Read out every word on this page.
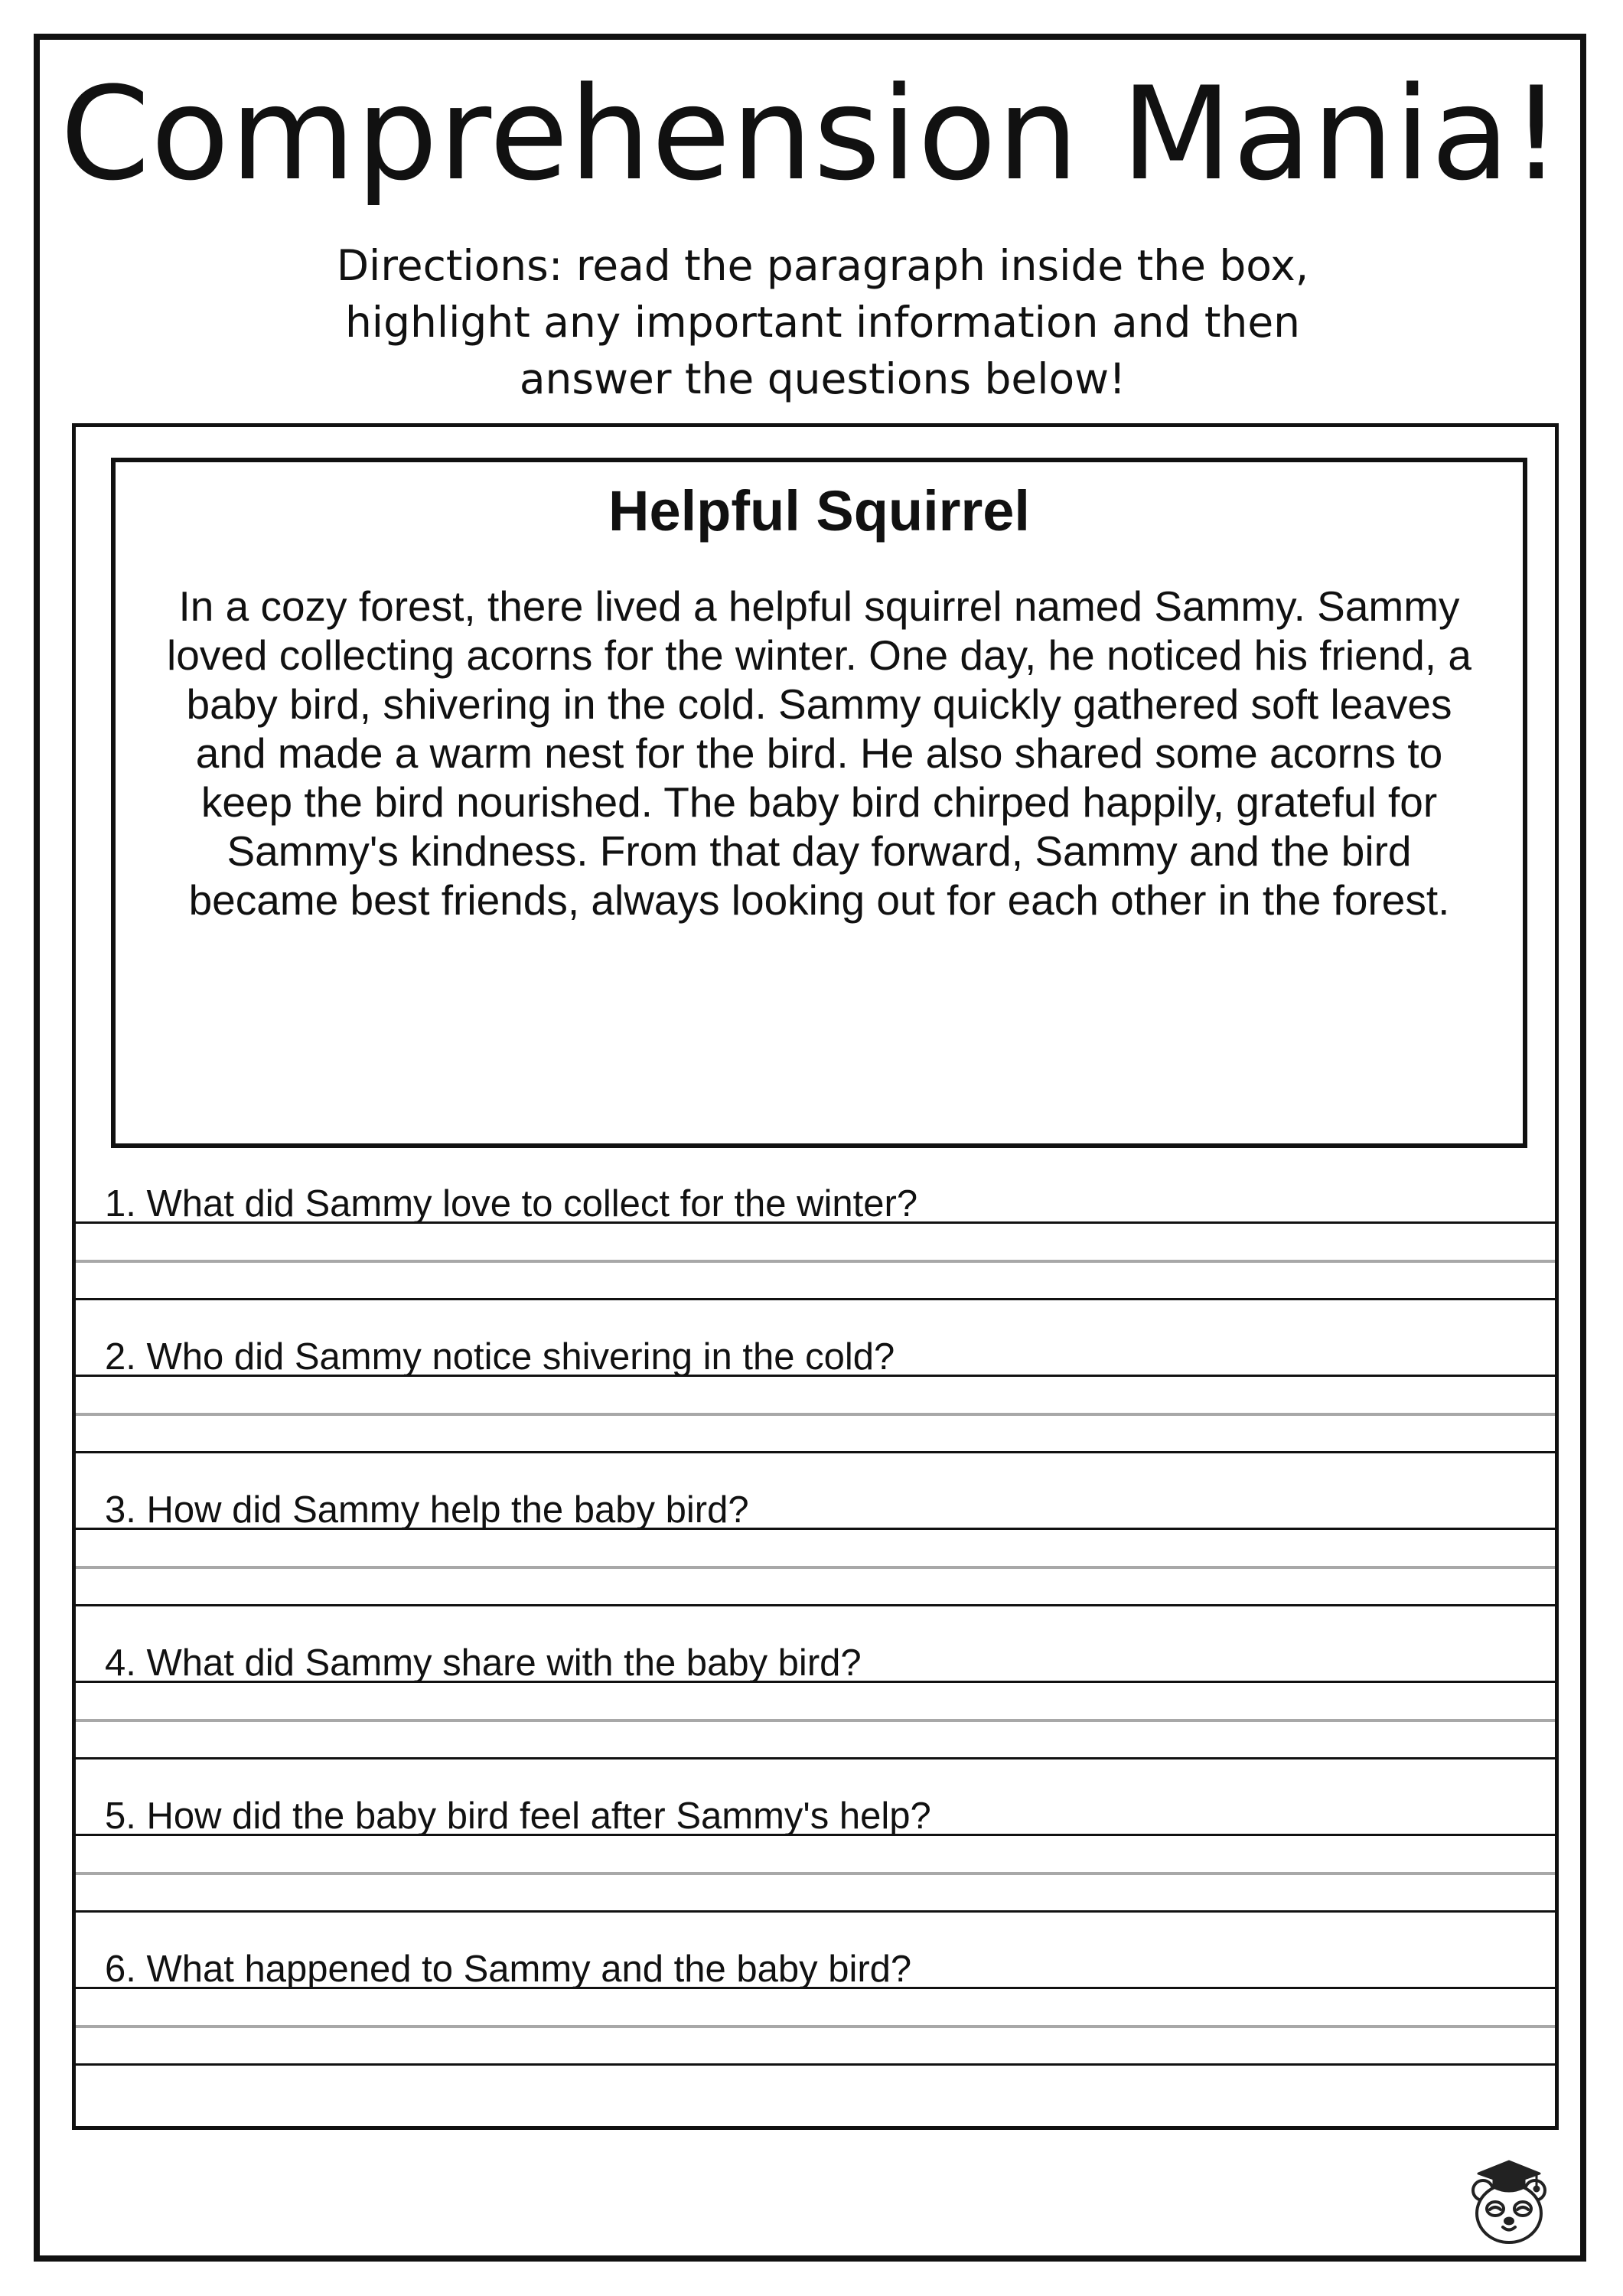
Comprehension Mania!
Directions: read the paragraph inside the box, highlight any important information and then answer the questions below!
Helpful Squirrel
In a cozy forest, there lived a helpful squirrel named Sammy. Sammy loved collecting acorns for the winter. One day, he noticed his friend, a baby bird, shivering in the cold. Sammy quickly gathered soft leaves and made a warm nest for the bird. He also shared some acorns to keep the bird nourished. The baby bird chirped happily, grateful for Sammy's kindness. From that day forward, Sammy and the bird became best friends, always looking out for each other in the forest.
1. What did Sammy love to collect for the winter?
2. Who did Sammy notice shivering in the cold?
3. How did Sammy help the baby bird?
4. What did Sammy share with the baby bird?
5. How did the baby bird feel after Sammy's help?
6. What happened to Sammy and the baby bird?
